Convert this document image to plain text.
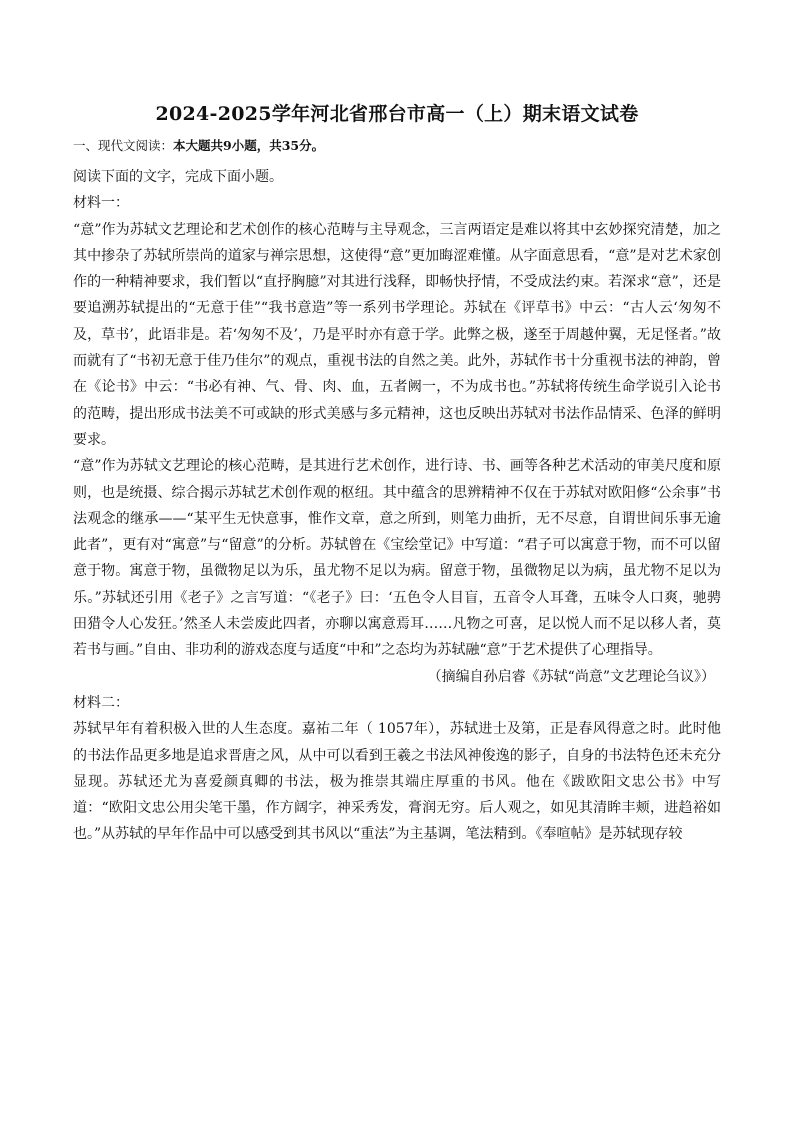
2024-2025学年河北省邢台市高一（上）期末语文试卷
一、现代文阅读：本大题共9小题，共35分。

阅读下面的文字，完成下面小题。

材料一：

“意”作为苏轼文艺理论和艺术创作的核心范畴与主导观念，三言两语定是难以将其中玄妙探究清楚，加之其中掺杂了苏轼所崇尚的道家与禅宗思想，这使得“意”更加晦涩难懂。从字面意思看，“意”是对艺术家创作的一种精神要求，我们暂以“直抒胸臆”对其进行浅释，即畅快抒情，不受成法约束。若深求“意”，还是要追溯苏轼提出的“无意于佳”“我书意造”等一系列书学理论。苏轼在《评草书》中云：“古人云‘匆匆不及，草书’，此语非是。若‘匆匆不及’，乃是平时亦有意于学。此弊之极，遂至于周越仲翼，无足怪者。”故而就有了“书初无意于佳乃佳尔”的观点，重视书法的自然之美。此外，苏轼作书十分重视书法的神韵，曾在《论书》中云：“书必有神、气、骨、肉、血，五者阙一，不为成书也。”苏轼将传统生命学说引入论书的范畴，提出形成书法美不可或缺的形式美感与多元精神，这也反映出苏轼对书法作品情采、色泽的鲜明要求。

“意”作为苏轼文艺理论的核心范畴，是其进行艺术创作，进行诗、书、画等各种艺术活动的审美尺度和原则，也是统摄、综合揭示苏轼艺术创作观的枢纽。其中蕴含的思辨精神不仅在于苏轼对欧阳修“公余事”书法观念的继承——“某平生无快意事，惟作文章，意之所到，则笔力曲折，无不尽意，自谓世间乐事无逾此者”，更有对“寓意”与“留意”的分析。苏轼曾在《宝绘堂记》中写道：“君子可以寓意于物，而不可以留意于物。寓意于物，虽微物足以为乐，虽尤物不足以为病。留意于物，虽微物足以为病，虽尤物不足以为乐。”苏轼还引用《老子》之言写道：“《老子》曰：‘五色令人目盲，五音令人耳聋，五味令人口爽，驰骋田猎令人心发狂。’然圣人未尝废此四者，亦聊以寓意焉耳……凡物之可喜，足以悦人而不足以移人者，莫若书与画。”自由、非功利的游戏态度与适度“中和”之态均为苏轼融“意”于艺术提供了心理指导。

（摘编自孙启睿《苏轼“尚意”文艺理论刍议》）

材料二：

苏轼早年有着积极入世的人生态度。嘉祐二年（ 1057年），苏轼进士及第，正是春风得意之时。此时他的书法作品更多地是追求晋唐之风，从中可以看到王羲之书法风神俊逸的影子，自身的书法特色还未充分显现。苏轼还尤为喜爱颜真卿的书法，极为推崇其端庄厚重的书风。他在《跋欧阳文忠公书》中写道：“欧阳文忠公用尖笔干墨，作方阔字，神采秀发，膏润无穷。后人观之，如见其清眸丰颊，进趋裕如也。”从苏轼的早年作品中可以感受到其书风以“重法”为主基调，笔法精到。《奉喧帖》是苏轼现存较
